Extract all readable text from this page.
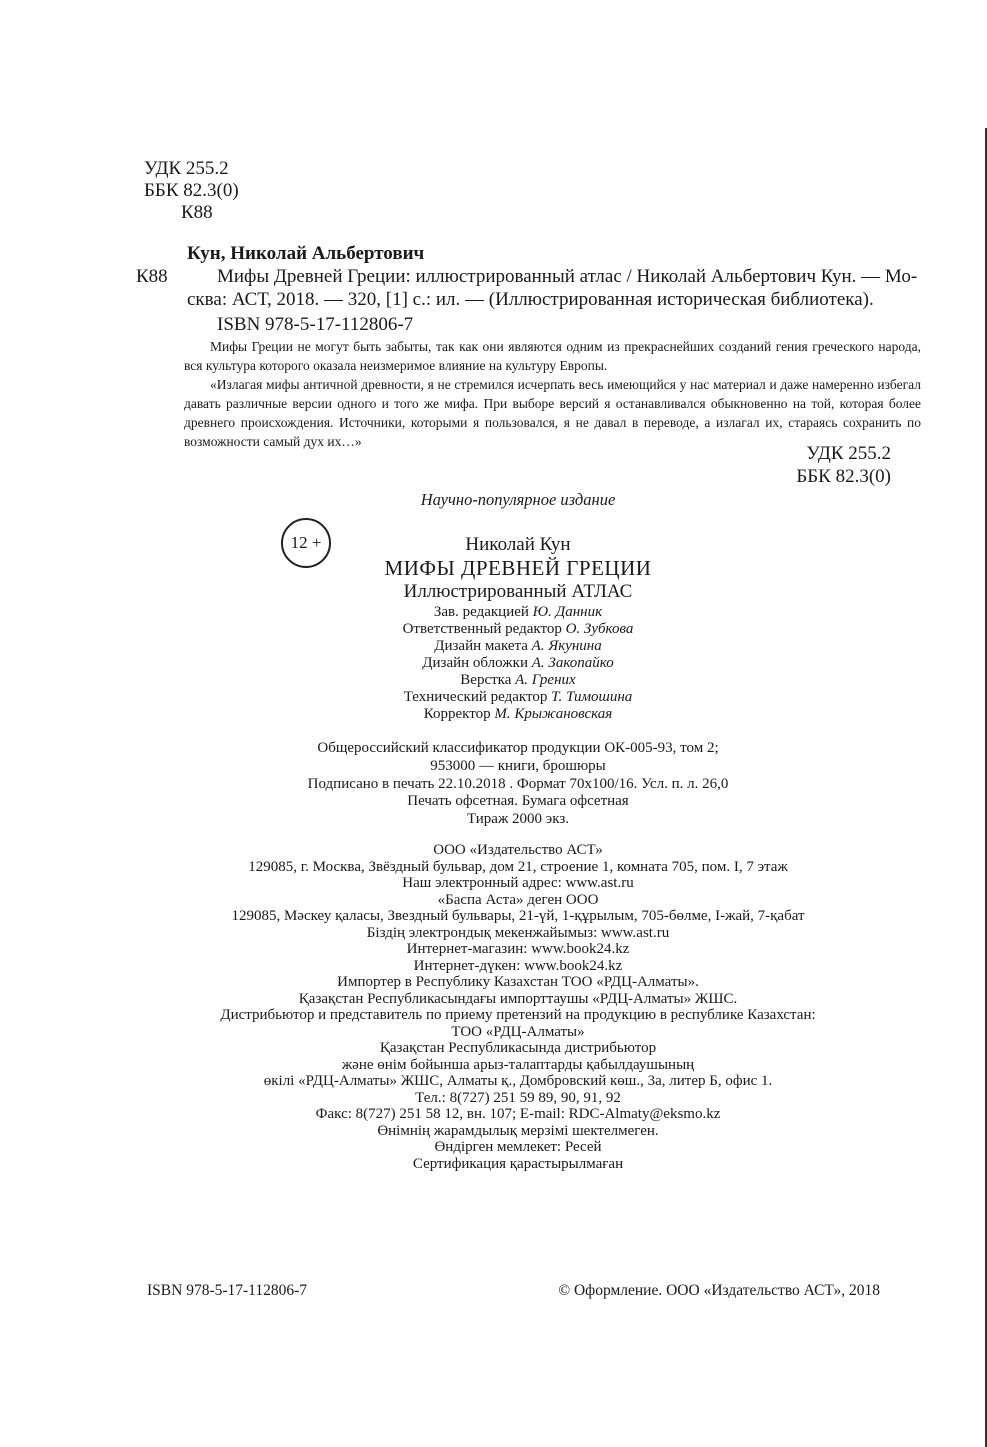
УДК 255.2
ББК 82.3(0)
К88
Кун, Николай Альбертович
К88	Мифы Древней Греции: иллюстрированный атлас / Николай Альбертович Кун. — Мо-
сква: АСТ, 2018. — 320, [1] с.: ил. — (Иллюстрированная историческая библиотека).
ISBN 978-5-17-112806-7

Мифы Греции не могут быть забыты, так как они являются одним из прекраснейших созданий гения греческого народа, вся культура которого оказала неизмеримое влияние на культуру Европы.

«Излагая мифы античной древности, я не стремился исчерпать весь имеющийся у нас материал и даже намеренно избегал давать различные версии одного и того же мифа. При выборе версий я останавливался обыкновенно на той, которая более древнего происхождения. Источники, которыми я пользовался, я не давал в переводе, а излагал их, стараясь сохранить по возможности самый дух их…»

УДК 255.2
ББК 82.3(0)
Научно-популярное издание
12 +	Николай Кун
МИФЫ ДРЕВНЕЙ ГРЕЦИИ
Иллюстрированный АТЛАС
Зав. редакцией Ю. Данник
Ответственный редактор О. Зубкова
Дизайн макета А. Якунина
Дизайн обложки А. Закопайко
Верстка А. Грених
Технический редактор Т. Тимошина
Корректор М. Крыжановская
Общероссийский классификатор продукции ОК-005-93, том 2;
953000 — книги, брошюры
Подписано в печать 22.10.2018 . Формат 70x100/16. Усл. п. л. 26,0
Печать офсетная. Бумага офсетная
Тираж 2000 экз.
ООО «Издательство АСТ»
129085, г. Москва, Звёздный бульвар, дом 21, строение 1, комната 705, пом. I, 7 этаж
Наш электронный адрес: www.ast.ru
«Баспа Аста» деген ООО
129085, Мәскеу қаласы, Звездный бульвары, 21-үй, 1-құрылым, 705-бөлме, I-жай, 7-қабат
Біздің электрондық мекенжайымыз: www.ast.ru
Интернет-магазин: www.book24.kz
Интернет-дүкен: www.book24.kz
Импортер в Республику Казахстан ТОО «РДЦ-Алматы».
Қазақстан Республикасындағы импорттаушы «РДЦ-Алматы» ЖШС.
Дистрибьютор и представитель по приему претензий на продукцию в республике Казахстан:
ТОО «РДЦ-Алматы»
Қазақстан Республикасында дистрибьютор
және өнім бойынша арыз-талаптарды қабылдаушының
өкілі «РДЦ-Алматы» ЖШС, Алматы қ., Домбровский көш., 3а, литер Б, офис 1.
Тел.: 8(727) 251 59 89, 90, 91, 92
Факс: 8(727) 251 58 12, вн. 107; E-mail: RDC-Almaty@eksmo.kz
Өнімнің жарамдылық мерзімі шектелмеген.
Өндірген мемлекет: Ресей
Сертификация қарастырылмаған
ISBN 978-5-17-112806-7	© Оформление. ООО «Издательство АСТ», 2018
